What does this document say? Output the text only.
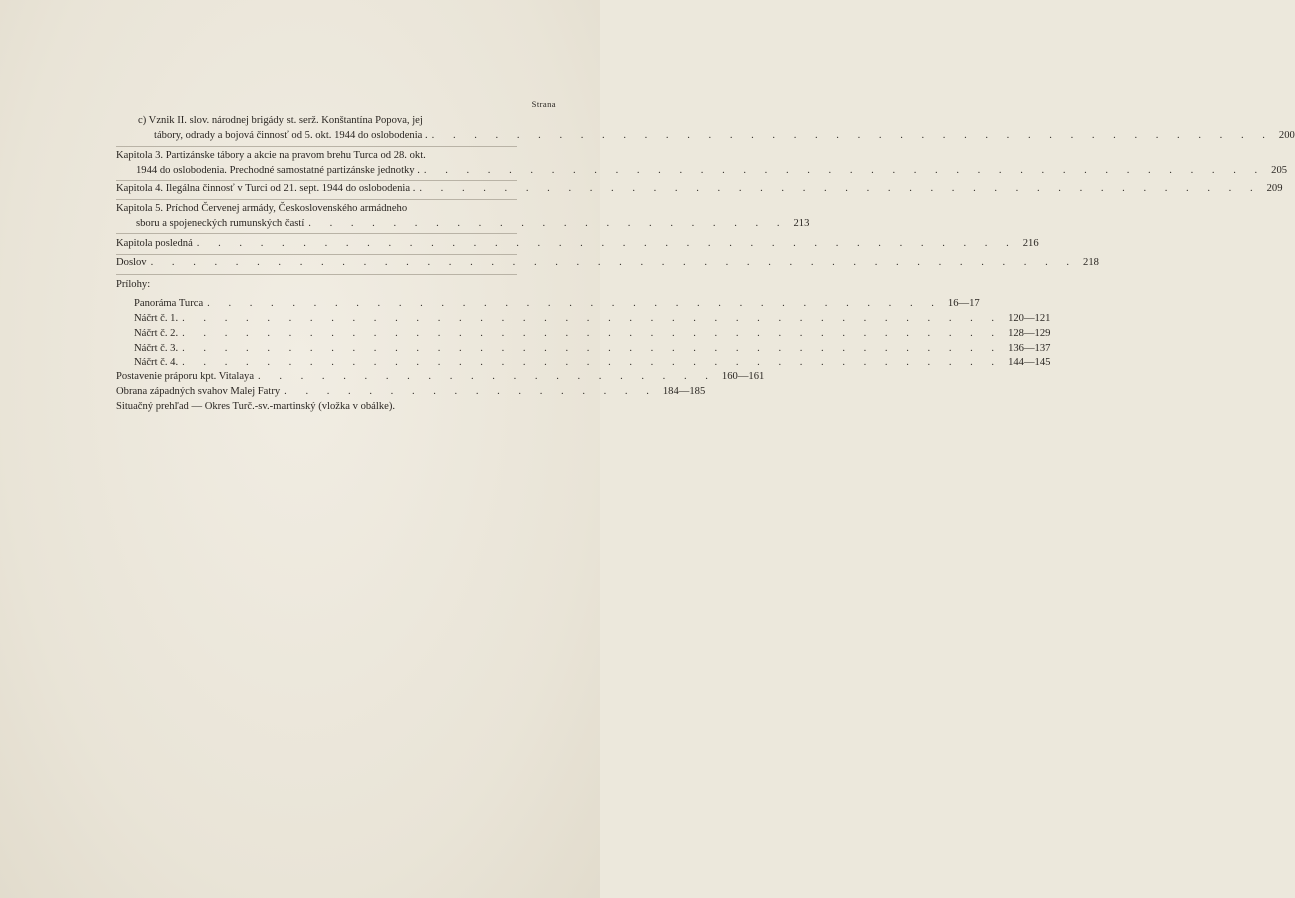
Strana
c) Vznik II. slov. národnej brigády st. serž. Konštantína Popova, jej
tábory, odrady a bojová činnosť od 5. okt. 1944 do oslobodenia . . . . . . . . . . . . . . . . . . . . . . . . . . . . . . . . . . . . . . . . . 200
Kapitola 3. Partizánske tábory a akcie na pravom brehu Turca od 28. okt.
1944 do oslobodenia. Prechodné samostatné partizánske jednotky . . . . . . . . . . . . . . . . . . . . . . . . . . . . . . . . . . . . . . . . . 205
Kapitola 4. Ilegálna činnosť v Turci od 21. sept. 1944 do oslobodenia . . . . . . . . . . . . . . . . . . . . . . . . . . . . . . . . . . . . . . . . . 209
Kapitola 5. Príchod Červenej armády, Československého armádneho
sboru a spojeneckých rumunských častí . . . . . . . . . . . . . . . . . . . . . . . 213
Kapitola posledná . . . . . . . . . . . . . . . . . . . . . . . . . . . . . . . . . . . . . . . 216
Doslov . . . . . . . . . . . . . . . . . . . . . . . . . . . . . . . . . . . . . . . . . . . . 218
Prílohy:
Panoráma Turca . . . . . . . . . . . . . . . . . . . . . . . . . . . . . . . . . . . 16—17
Náčrt č. 1. . . . . . . . . . . . . . . . . . . . . . . . . . . . . . . . . . . . . . . . 120—121
Náčrt č. 2. . . . . . . . . . . . . . . . . . . . . . . . . . . . . . . . . . . . . . . . 128—129
Náčrt č. 3. . . . . . . . . . . . . . . . . . . . . . . . . . . . . . . . . . . . . . . . 136—137
Náčrt č. 4. . . . . . . . . . . . . . . . . . . . . . . . . . . . . . . . . . . . . . . . 144—145
Postavenie práporu kpt. Vitalaya . . . . . . . . . . . . . . . . . . . . . . 160—161
Obrana západných svahov Malej Fatry . . . . . . . . . . . . . . . . . . 184—185
Situačný prehľad — Okres Turč.-sv.-martinský (vložka v obálke).
